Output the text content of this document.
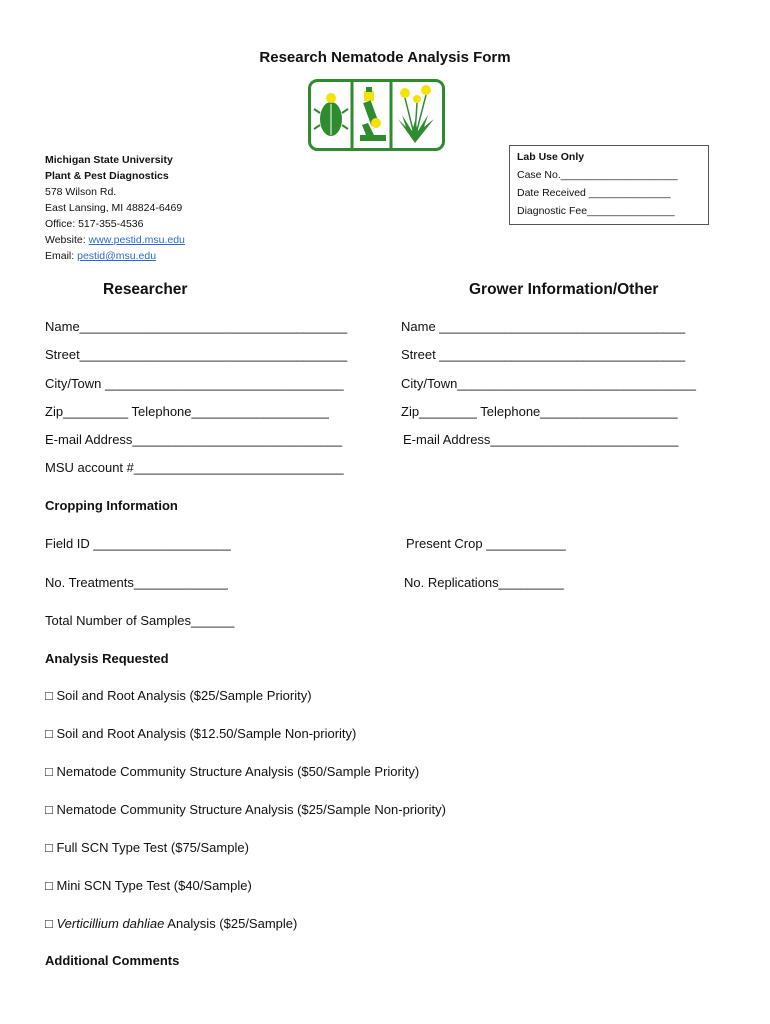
Research Nematode Analysis Form
Michigan State University
Plant & Pest Diagnostics
578 Wilson Rd.
East Lansing, MI 48824-6469
Office: 517-355-4536
Website: www.pestid.msu.edu
Email: pestid@msu.edu
Lab Use Only
Case No.____________________
Date Received ______________
Diagnostic Fee_______________
Researcher
Name_____________________________________
Street_____________________________________
City/Town _________________________________
Zip_________ Telephone___________________
E-mail Address_____________________________
MSU account #_____________________________
Grower Information/Other
Name __________________________________
Street __________________________________
City/Town_________________________________
Zip________ Telephone___________________
E-mail Address__________________________
Cropping Information
Field ID ___________________	Present Crop ___________
No. Treatments_____________	No. Replications_________
Total Number of Samples______
Analysis Requested
□ Soil and Root Analysis ($25/Sample Priority)
□ Soil and Root Analysis ($12.50/Sample Non-priority)
□ Nematode Community Structure Analysis ($50/Sample Priority)
□ Nematode Community Structure Analysis ($25/Sample Non-priority)
□ Full SCN Type Test ($75/Sample)
□ Mini SCN Type Test ($40/Sample)
□ Verticillium dahliae Analysis ($25/Sample)
Additional Comments
